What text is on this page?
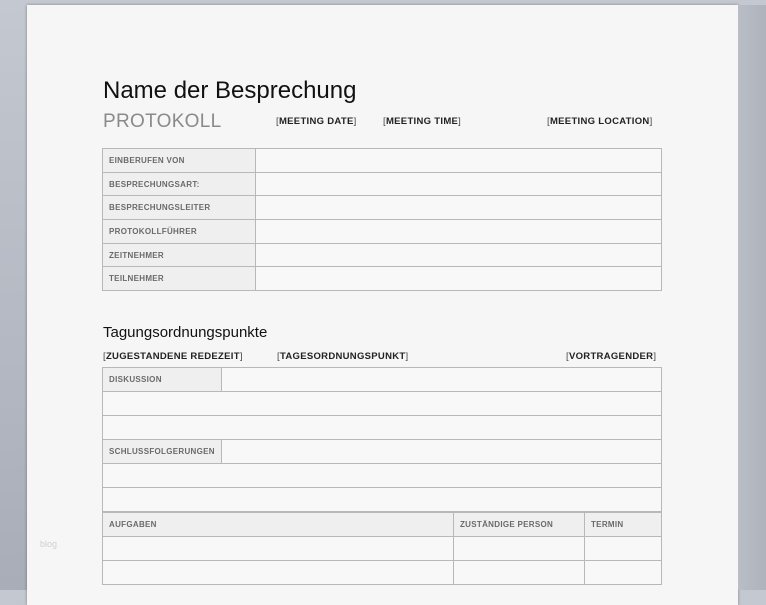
Name der Besprechung
PROTOKOLL	[MEETING DATE]	[MEETING TIME]	[MEETING LOCATION]
EINBERUFEN VON	
BESPRECHUNGSART:	
BESPRECHUNGSLEITER	
PROTOKOLLFÜHRER	
ZEITNEHMER	
TEILNEHMER	
Tagungsordnungspunkte
[ZUGESTANDENE REDEZEIT]	[TAGESORDNUNGSPUNKT]	[VORTRAGENDER]
DISKUSSION	

SCHLUSSFOLGERUNGEN	

AUFGABEN	ZUSTÄNDIGE PERSON	TERMIN

blog
